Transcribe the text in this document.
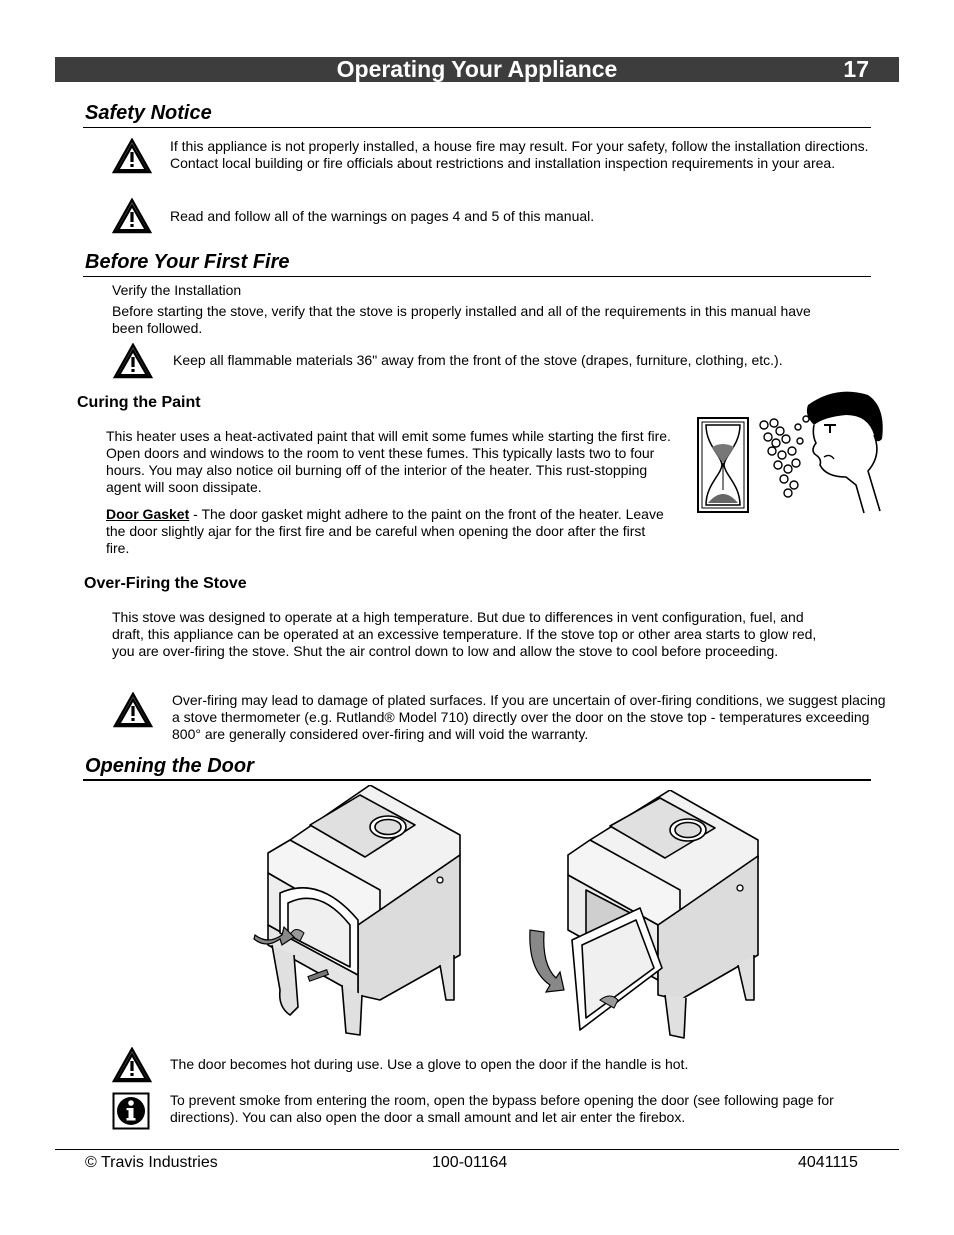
Operating Your Appliance	17
Safety Notice
If this appliance is not properly installed, a house fire may result. For your safety, follow the installation directions. Contact local building or fire officials about restrictions and installation inspection requirements in your area.
Read and follow all of the warnings on pages 4 and 5 of this manual.
Before Your First Fire
Verify the Installation
Before starting the stove, verify that the stove is properly installed and all of the requirements in this manual have been followed.
Keep all flammable materials 36" away from the front of the stove (drapes, furniture, clothing, etc.).
Curing the Paint
This heater uses a heat-activated paint that will emit some fumes while starting the first fire. Open doors and windows to the room to vent these fumes. This typically lasts two to four hours. You may also notice oil burning off of the interior of the heater. This rust-stopping agent will soon dissipate.
Door Gasket - The door gasket might adhere to the paint on the front of the heater. Leave the door slightly ajar for the first fire and be careful when opening the door after the first fire.
Over-Firing the Stove
This stove was designed to operate at a high temperature. But due to differences in vent configuration, fuel, and draft, this appliance can be operated at an excessive temperature. If the stove top or other area starts to glow red, you are over-firing the stove. Shut the air control down to low and allow the stove to cool before proceeding.
Over-firing may lead to damage of plated surfaces. If you are uncertain of over-firing conditions, we suggest placing a stove thermometer (e.g. Rutland® Model 710) directly over the door on the stove top - temperatures exceeding 800° are generally considered over-firing and will void the warranty.
Opening the Door
The door becomes hot during use. Use a glove to open the door if the handle is hot.
To prevent smoke from entering the room, open the bypass before opening the door (see following page for directions). You can also open the door a small amount and let air enter the firebox.
© Travis Industries	100-01164	4041115
